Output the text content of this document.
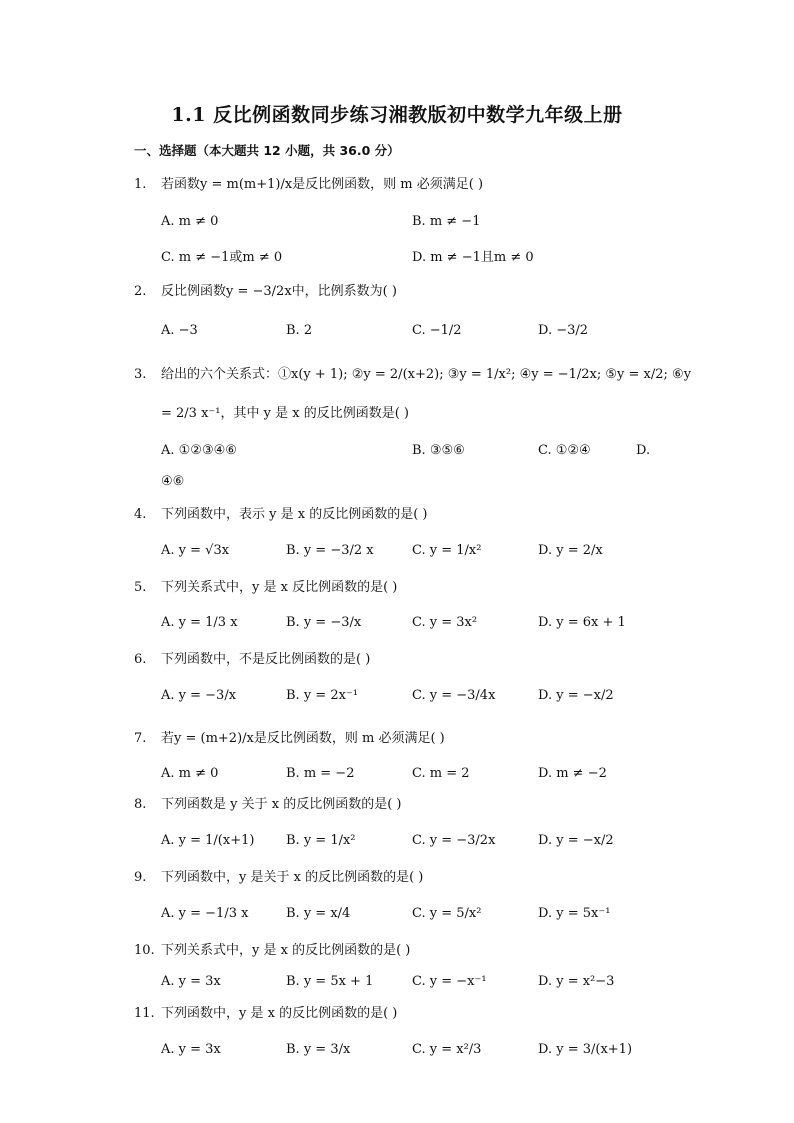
1.1 反比例函数同步练习湘教版初中数学九年级上册
一、选择题（本大题共 12 小题，共 36.0 分）
1.	若函数y = m(m+1)/x是反比例函数，则 m 必须满足( )
A. m ≠ 0	B. m ≠ −1
C. m ≠ −1或m ≠ 0	D. m ≠ −1且m ≠ 0
2.	反比例函数y = −3/2x中，比例系数为( )
A. −3	B. 2	C. −1/2	D. −3/2
3.	给出的六个关系式：①x(y + 1); ②y = 2/(x+2); ③y = 1/x²; ④y = −1/2x; ⑤y = x/2; ⑥y
= 2/3 x⁻¹，其中 y 是 x 的反比例函数是( )
A. ①②③④⑥	B. ③⑤⑥	C. ①②④	D.
④⑥
4.	下列函数中，表示 y 是 x 的反比例函数的是( )
A. y = √3x	B. y = −3/2 x	C. y = 1/x²	D. y = 2/x
5.	下列关系式中，y 是 x 反比例函数的是( )
A. y = 1/3 x	B. y = −3/x	C. y = 3x²	D. y = 6x + 1
6.	下列函数中，不是反比例函数的是( )
A. y = −3/x	B. y = 2x⁻¹	C. y = −3/4x	D. y = −x/2
7.	若y = (m+2)/x是反比例函数，则 m 必须满足( )
A. m ≠ 0	B. m = −2	C. m = 2	D. m ≠ −2
8.	下列函数是 y 关于 x 的反比例函数的是( )
A. y = 1/(x+1) B. y = 1/x²	C. y = −3/2x	D. y = −x/2
9.	下列函数中，y 是关于 x 的反比例函数的是( )
A. y = −1/3 x	B. y = x/4	C. y = 5/x²	D. y = 5x⁻¹
10. 下列关系式中，y 是 x 的反比例函数的是( )
A. y = 3x	B. y = 5x + 1	C. y = −x⁻¹	D. y = x²−3
11. 下列函数中，y 是 x 的反比例函数的是( )
A. y = 3x	B. y = 3/x	C. y = x²/3	D. y = 3/(x+1)
